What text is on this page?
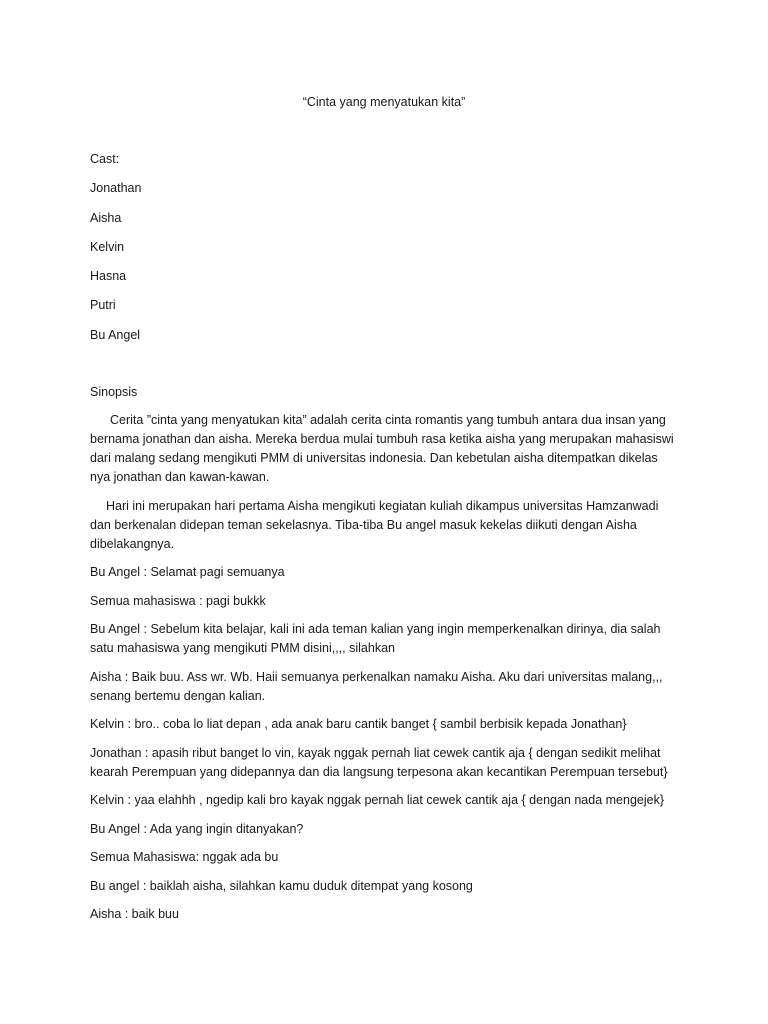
“Cinta yang menyatukan kita”
Cast:
Jonathan
Aisha
Kelvin
Hasna
Putri
Bu Angel
Sinopsis

Cerita ”cinta yang menyatukan kita” adalah cerita cinta romantis yang tumbuh antara dua insan yang bernama jonathan dan aisha. Mereka berdua mulai tumbuh rasa ketika aisha yang merupakan mahasiswi dari malang sedang mengikuti PMM di universitas indonesia. Dan kebetulan aisha ditempatkan dikelas nya jonathan dan kawan-kawan.

Hari ini merupakan hari pertama Aisha mengikuti kegiatan kuliah dikampus universitas Hamzanwadi dan berkenalan didepan teman sekelasnya. Tiba-tiba Bu angel masuk kekelas diikuti dengan Aisha dibelakangnya.

Bu Angel : Selamat pagi semuanya

Semua mahasiswa : pagi bukkk

Bu Angel : Sebelum kita belajar, kali ini ada teman kalian yang ingin memperkenalkan dirinya, dia salah satu mahasiswa yang mengikuti PMM disini,,,, silahkan

Aisha : Baik buu. Ass wr. Wb. Haii semuanya perkenalkan namaku Aisha. Aku dari universitas malang,,, senang bertemu dengan kalian.

Kelvin : bro.. coba lo liat depan , ada anak baru cantik banget { sambil berbisik kepada Jonathan}

Jonathan : apasih ribut banget lo vin, kayak nggak pernah liat cewek cantik aja { dengan sedikit melihat kearah Perempuan yang didepannya dan dia langsung terpesona akan kecantikan Perempuan tersebut}

Kelvin : yaa elahhh , ngedip kali bro kayak nggak pernah liat cewek cantik aja { dengan nada mengejek}

Bu Angel : Ada yang ingin ditanyakan?

Semua Mahasiswa: nggak ada bu

Bu angel : baiklah aisha, silahkan kamu duduk ditempat yang kosong

Aisha : baik buu
